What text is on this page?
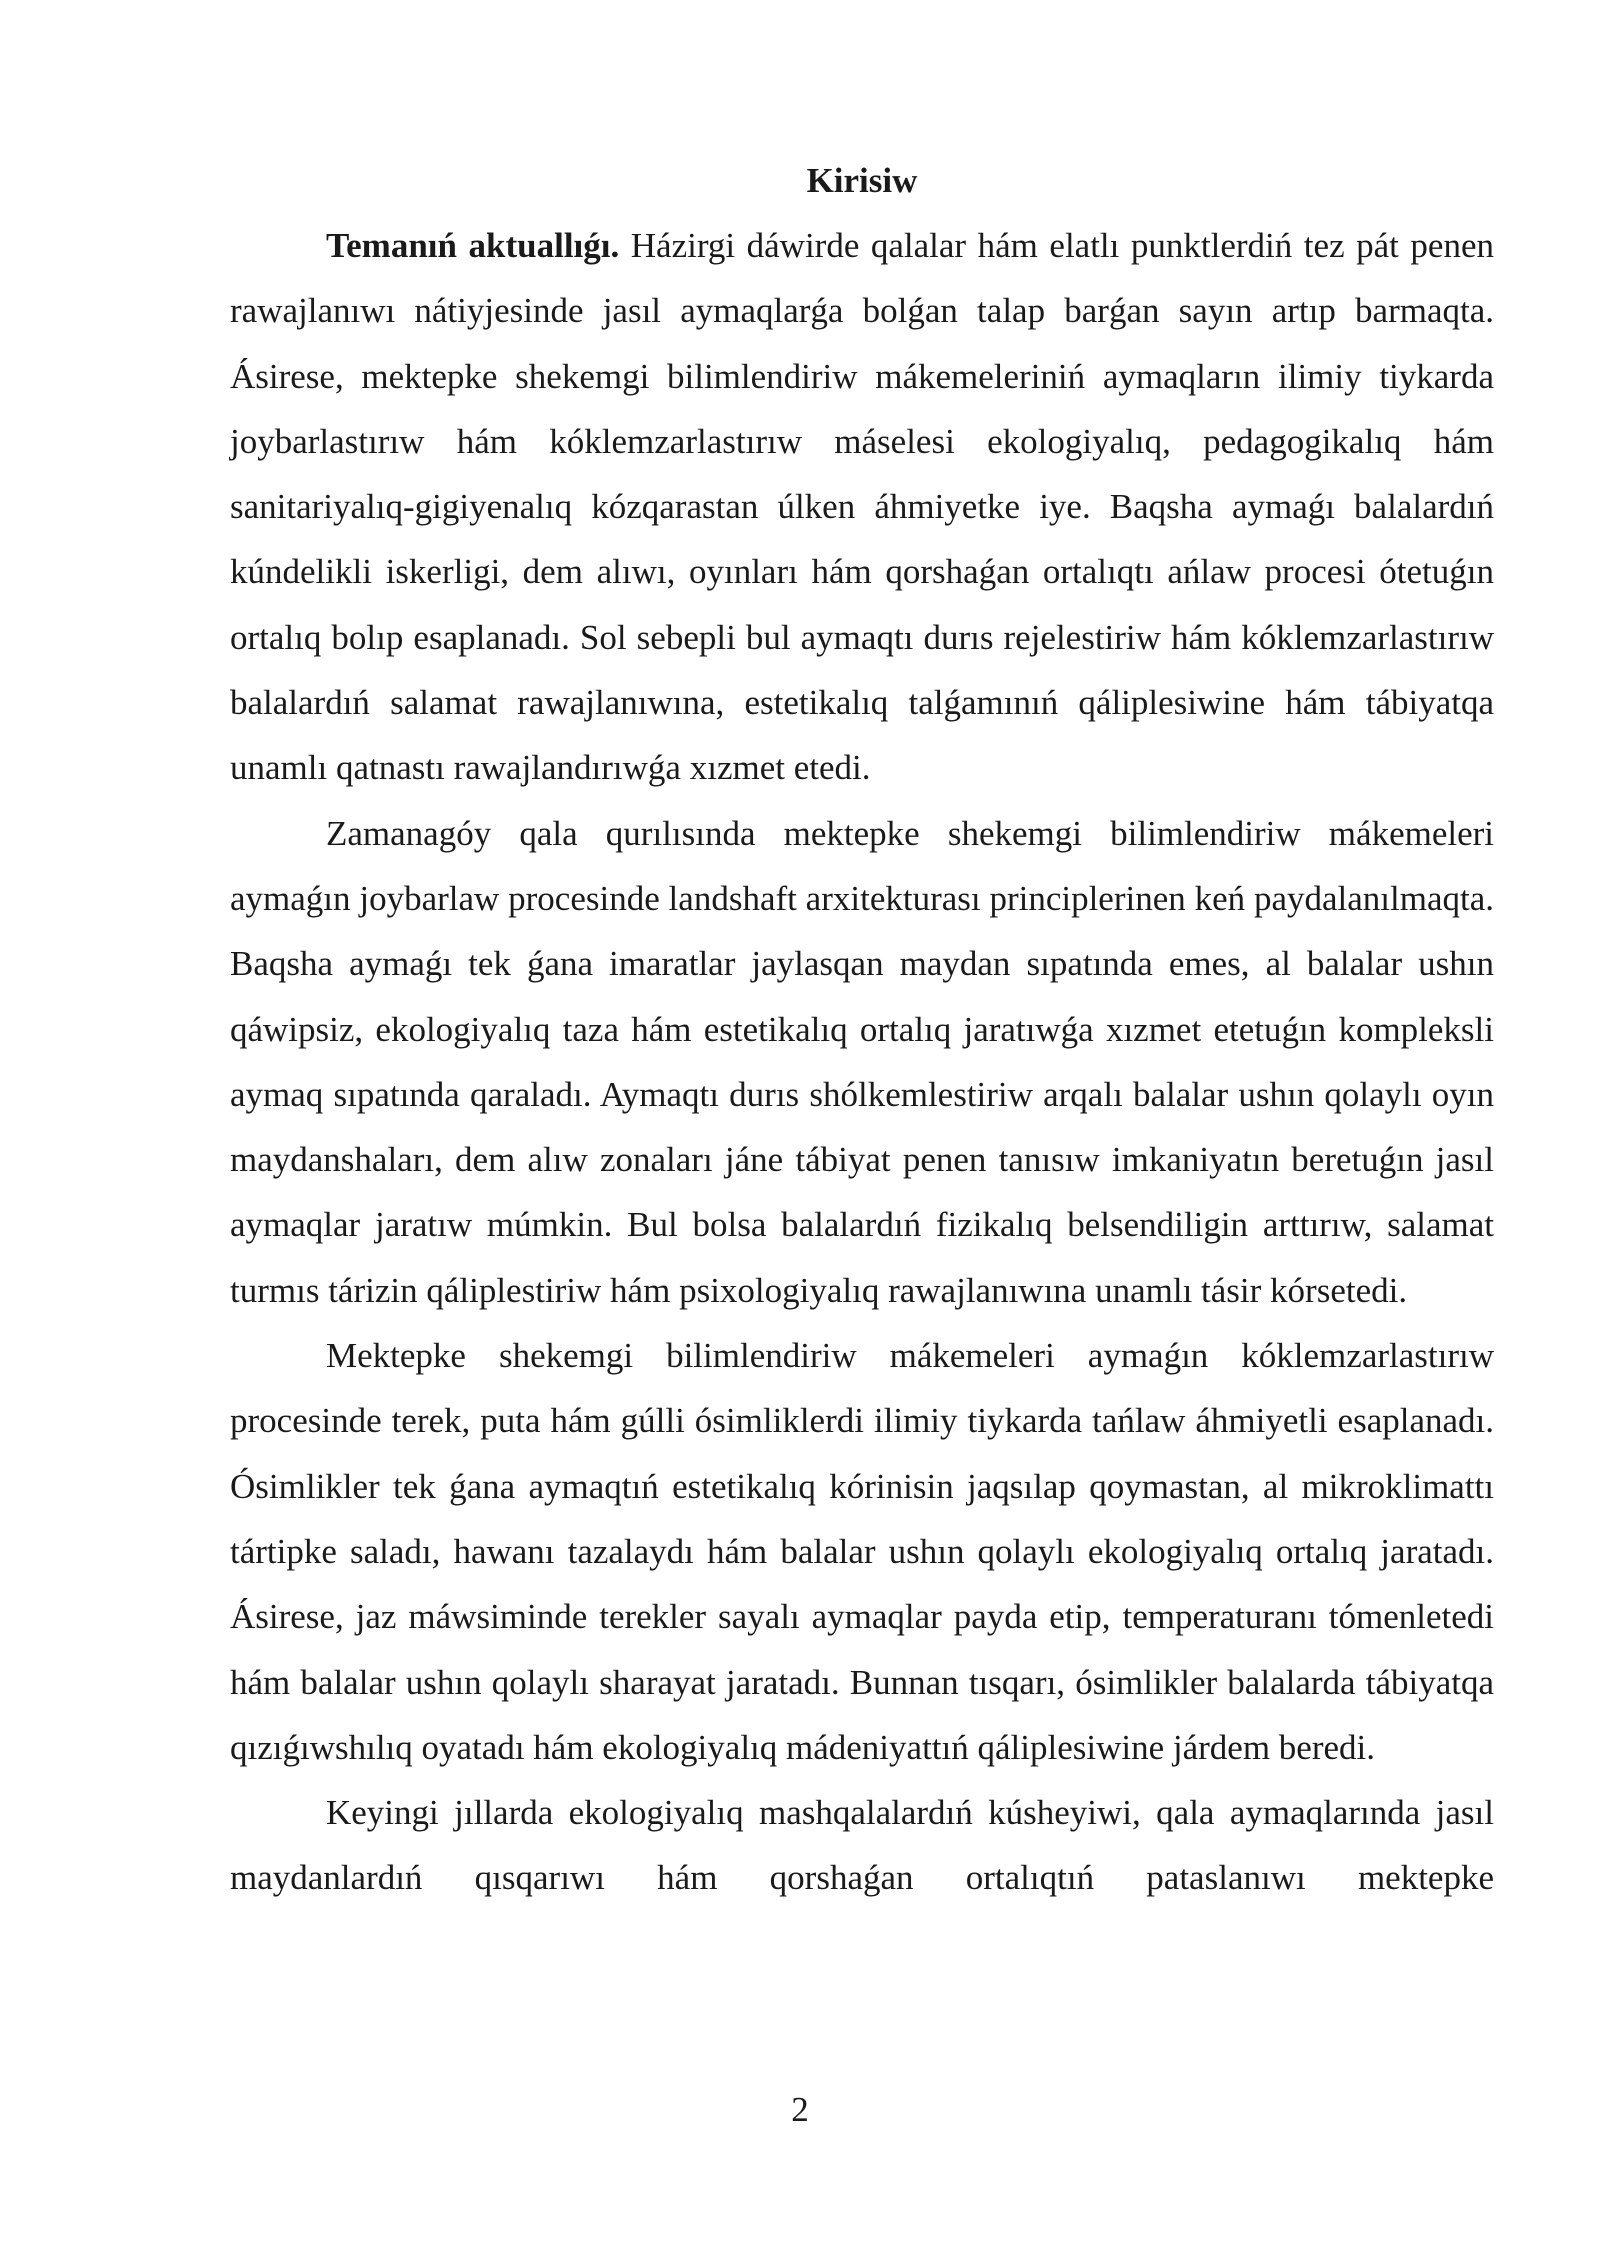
Kirisiw

Temanıń aktuallıǵı. Házirgi dáwirde qalalar hám elatlı punktlerdiń tez pát penen rawajlanıwı nátiyjesinde jasıl aymaqlarǵa bolǵan talap barǵan sayın artıp barmaqta. Ásirese, mektepke shekemgi bilimlendiriw mákemeleriniń aymaqların ilimiy tiykarda joybarlastırıw hám kóklemzarlastırıw máselesi ekologiyalıq, pedagogikalıq hám sanitariyalıq-gigiyenalıq kózqarastan úlken áhmiyetke iye. Baqsha aymaǵı balalardıń kúndelikli iskerligi, dem alıwı, oyınları hám qorshaǵan ortalıqtı ańlaw procesi ótetuǵın ortalıq bolıp esaplanadı. Sol sebepli bul aymaqtı durıs rejelestiriw hám kóklemzarlastırıw balalardıń salamat rawajlanıwına, estetikalıq talǵamınıń qáliplesiwine hám tábiyatqa unamlı qatnastı rawajlandırıwǵa xızmet etedi.

Zamanagóy qala qurılısında mektepke shekemgi bilimlendiriw mákemeleri aymaǵın joybarlaw procesinde landshaft arxitekturası principlerinen keń paydalanılmaqta. Baqsha aymaǵı tek ǵana imaratlar jaylasqan maydan sıpatında emes, al balalar ushın qáwipsiz, ekologiyalıq taza hám estetikalıq ortalıq jaratıwǵa xızmet etetuǵın kompleksli aymaq sıpatında qaraladı. Aymaqtı durıs shólkemlestiriw arqalı balalar ushın qolaylı oyın maydanshaları, dem alıw zonaları jáne tábiyat penen tanısıw imkaniyatın beretuǵın jasıl aymaqlar jaratıw múmkin. Bul bolsa balalardıń fizikalıq belsendiligin arttırıw, salamat turmıs tárizin qáliplestiriw hám psixologiyalıq rawajlanıwına unamlı tásir kórsetedi.

Mektepke shekemgi bilimlendiriw mákemeleri aymaǵın kóklemzarlastırıw procesinde terek, puta hám gúlli ósimliklerdi ilimiy tiykarda tańlaw áhmiyetli esaplanadı. Ósimlikler tek ǵana aymaqtıń estetikalıq kórinisin jaqsılap qoymastan, al mikroklimattı tártipke saladı, hawanı tazalaydı hám balalar ushın qolaylı ekologiyalıq ortalıq jaratadı. Ásirese, jaz máwsiminde terekler sayalı aymaqlar payda etip, temperaturanı tómenletedi hám balalar ushın qolaylı sharayat jaratadı. Bunnan tısqarı, ósimlikler balalarda tábiyatqa qızıǵıwshılıq oyatadı hám ekologiyalıq mádeniyattıń qáliplesiwine járdem beredi.

Keyingi jıllarda ekologiyalıq mashqalalardıń kúsheyiwi, qala aymaqlarında jasıl maydanlardıń qısqarıwı hám qorshaǵan ortalıqtıń pataslanıwı mektepke

2
